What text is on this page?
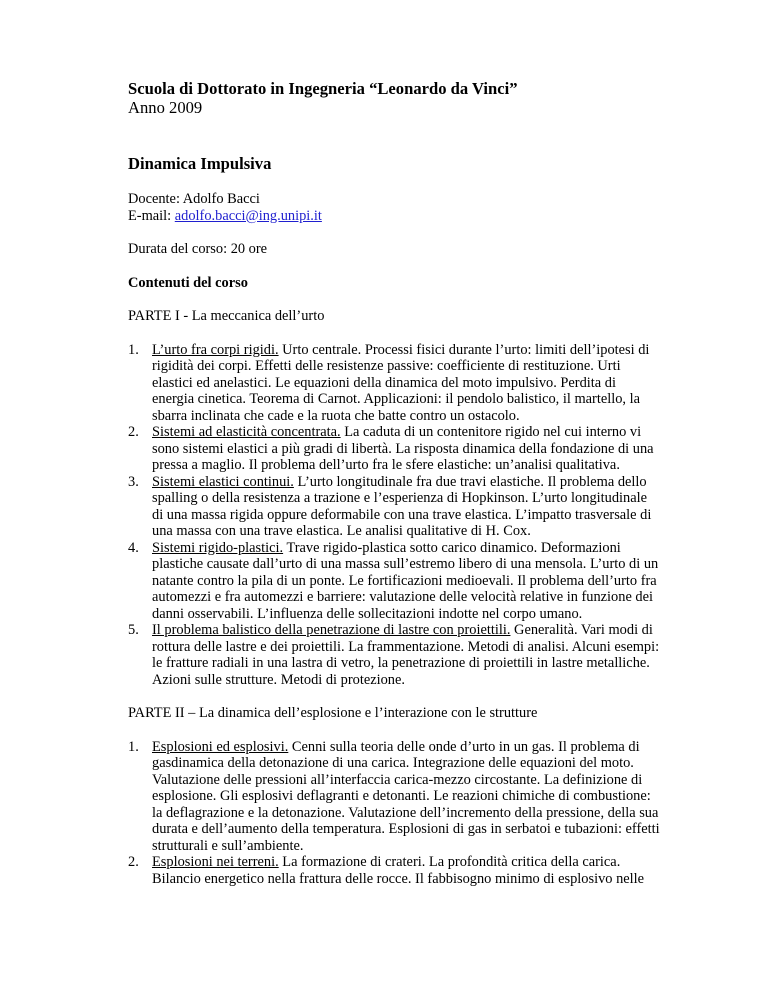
Scuola di Dottorato in Ingegneria “Leonardo da Vinci”
Anno 2009
Dinamica Impulsiva

Docente: Adolfo Bacci

E-mail: adolfo.bacci@ing.unipi.it

Durata del corso: 20 ore

Contenuti del corso

PARTE I - La meccanica dell’urto

1. L’urto fra corpi rigidi. Urto centrale. Processi fisici durante l’urto: limiti dell’ipotesi di rigidità dei corpi. Effetti delle resistenze passive: coefficiente di restituzione. Urti elastici ed anelastici. Le equazioni della dinamica del moto impulsivo. Perdita di energia cinetica. Teorema di Carnot. Applicazioni: il pendolo balistico, il martello, la sbarra inclinata che cade e la ruota che batte contro un ostacolo.
2. Sistemi ad elasticità concentrata. La caduta di un contenitore rigido nel cui interno vi sono sistemi elastici a più gradi di libertà. La risposta dinamica della fondazione di una pressa a maglio. Il problema dell’urto fra le sfere elastiche: un’analisi qualitativa.
3. Sistemi elastici continui. L’urto longitudinale fra due travi elastiche. Il problema dello spalling o della resistenza a trazione e l’esperienza di Hopkinson. L’urto longitudinale di una massa rigida oppure deformabile con una trave elastica. L’impatto trasversale di una massa con una trave elastica. Le analisi qualitative di H. Cox.
4. Sistemi rigido-plastici. Trave rigido-plastica sotto carico dinamico. Deformazioni plastiche causate dall’urto di una massa sull’estremo libero di una mensola. L’urto di un natante contro la pila di un ponte. Le fortificazioni medioevali. Il problema dell’urto fra automezzi e fra automezzi e barriere: valutazione delle velocità relative in funzione dei danni osservabili. L’influenza delle sollecitazioni indotte nel corpo umano.
5. Il problema balistico della penetrazione di lastre con proiettili. Generalità. Vari modi di rottura delle lastre e dei proiettili. La frammentazione. Metodi di analisi. Alcuni esempi: le fratture radiali in una lastra di vetro, la penetrazione di proiettili in lastre metalliche. Azioni sulle strutture. Metodi di protezione.

PARTE II – La dinamica dell’esplosione e l’interazione con le strutture

1. Esplosioni ed esplosivi. Cenni sulla teoria delle onde d’urto in un gas. Il problema di gasdinamica della detonazione di una carica. Integrazione delle equazioni del moto. Valutazione delle pressioni all’interfaccia carica-mezzo circostante. La definizione di esplosione. Gli esplosivi deflagranti e detonanti. Le reazioni chimiche di combustione: la deflagrazione e la detonazione. Valutazione dell’incremento della pressione, della sua durata e dell’aumento della temperatura. Esplosioni di gas in serbatoi e tubazioni: effetti strutturali e sull’ambiente.
2. Esplosioni nei terreni. La formazione di crateri. La profondità critica della carica. Bilancio energetico nella frattura delle rocce. Il fabbisogno minimo di esplosivo nelle
